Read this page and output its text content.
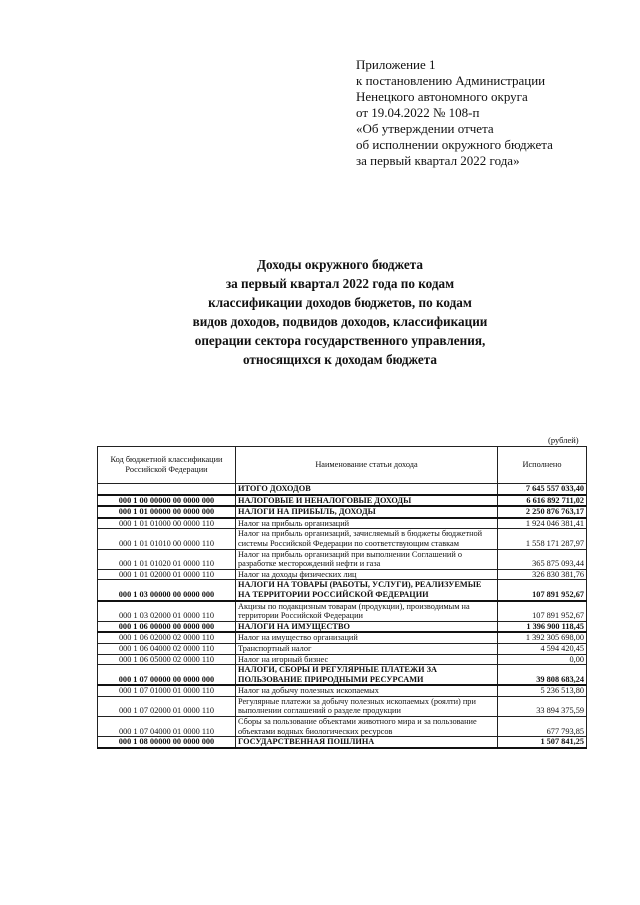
Приложение 1
к постановлению Администрации
Ненецкого автономного округа
от 19.04.2022 № 108-п
«Об утверждении отчета
об исполнении окружного бюджета
за первый квартал 2022 года»
Доходы окружного бюджета
за первый квартал 2022 года по кодам
классификации доходов бюджетов, по кодам
видов доходов, подвидов доходов, классификации
операции сектора государственного управления,
относящихся к доходам бюджета
(рублей)
Код бюджетной классификации Российской Федерации	Наименование статьи дохода	Исполнено
	ИТОГО ДОХОДОВ	7 645 557 033,40
000 1 00 00000 00 0000 000	НАЛОГОВЫЕ И НЕНАЛОГОВЫЕ ДОХОДЫ	6 616 892 711,02
000 1 01 00000 00 0000 000	НАЛОГИ НА ПРИБЫЛЬ, ДОХОДЫ	2 250 876 763,17
000 1 01 01000 00 0000 110	Налог на прибыль организаций	1 924 046 381,41
000 1 01 01010 00 0000 110	Налог на прибыль организаций, зачисляемый в бюджеты бюджетной системы Российской Федерации по соответствующим ставкам	1 558 171 287,97
000 1 01 01020 01 0000 110	Налог на прибыль организаций при выполнении Соглашений о разработке месторождений нефти и газа	365 875 093,44
000 1 01 02000 01 0000 110	Налог на доходы физических лиц	326 830 381,76
000 1 03 00000 00 0000 000	НАЛОГИ НА ТОВАРЫ (РАБОТЫ, УСЛУГИ), РЕАЛИЗУЕМЫЕ НА ТЕРРИТОРИИ РОССИЙСКОЙ ФЕДЕРАЦИИ	107 891 952,67
000 1 03 02000 01 0000 110	Акцизы по подакцизным товарам (продукции), производимым на территории Российской Федерации	107 891 952,67
000 1 06 00000 00 0000 000	НАЛОГИ НА ИМУЩЕСТВО	1 396 900 118,45
000 1 06 02000 02 0000 110	Налог на имущество организаций	1 392 305 698,00
000 1 06 04000 02 0000 110	Транспортный налог	4 594 420,45
000 1 06 05000 02 0000 110	Налог на игорный бизнес	0,00
000 1 07 00000 00 0000 000	НАЛОГИ, СБОРЫ И РЕГУЛЯРНЫЕ ПЛАТЕЖИ ЗА ПОЛЬЗОВАНИЕ ПРИРОДНЫМИ РЕСУРСАМИ	39 808 683,24
000 1 07 01000 01 0000 110	Налог на добычу полезных ископаемых	5 236 513,80
000 1 07 02000 01 0000 110	Регулярные платежи за добычу полезных ископаемых (роялти) при выполнении соглашений о разделе продукции	33 894 375,59
000 1 07 04000 01 0000 110	Сборы за пользование объектами животного мира и за пользование объектами водных биологических ресурсов	677 793,85
000 1 08 00000 00 0000 000	ГОСУДАРСТВЕННАЯ ПОШЛИНА	1 507 841,25
